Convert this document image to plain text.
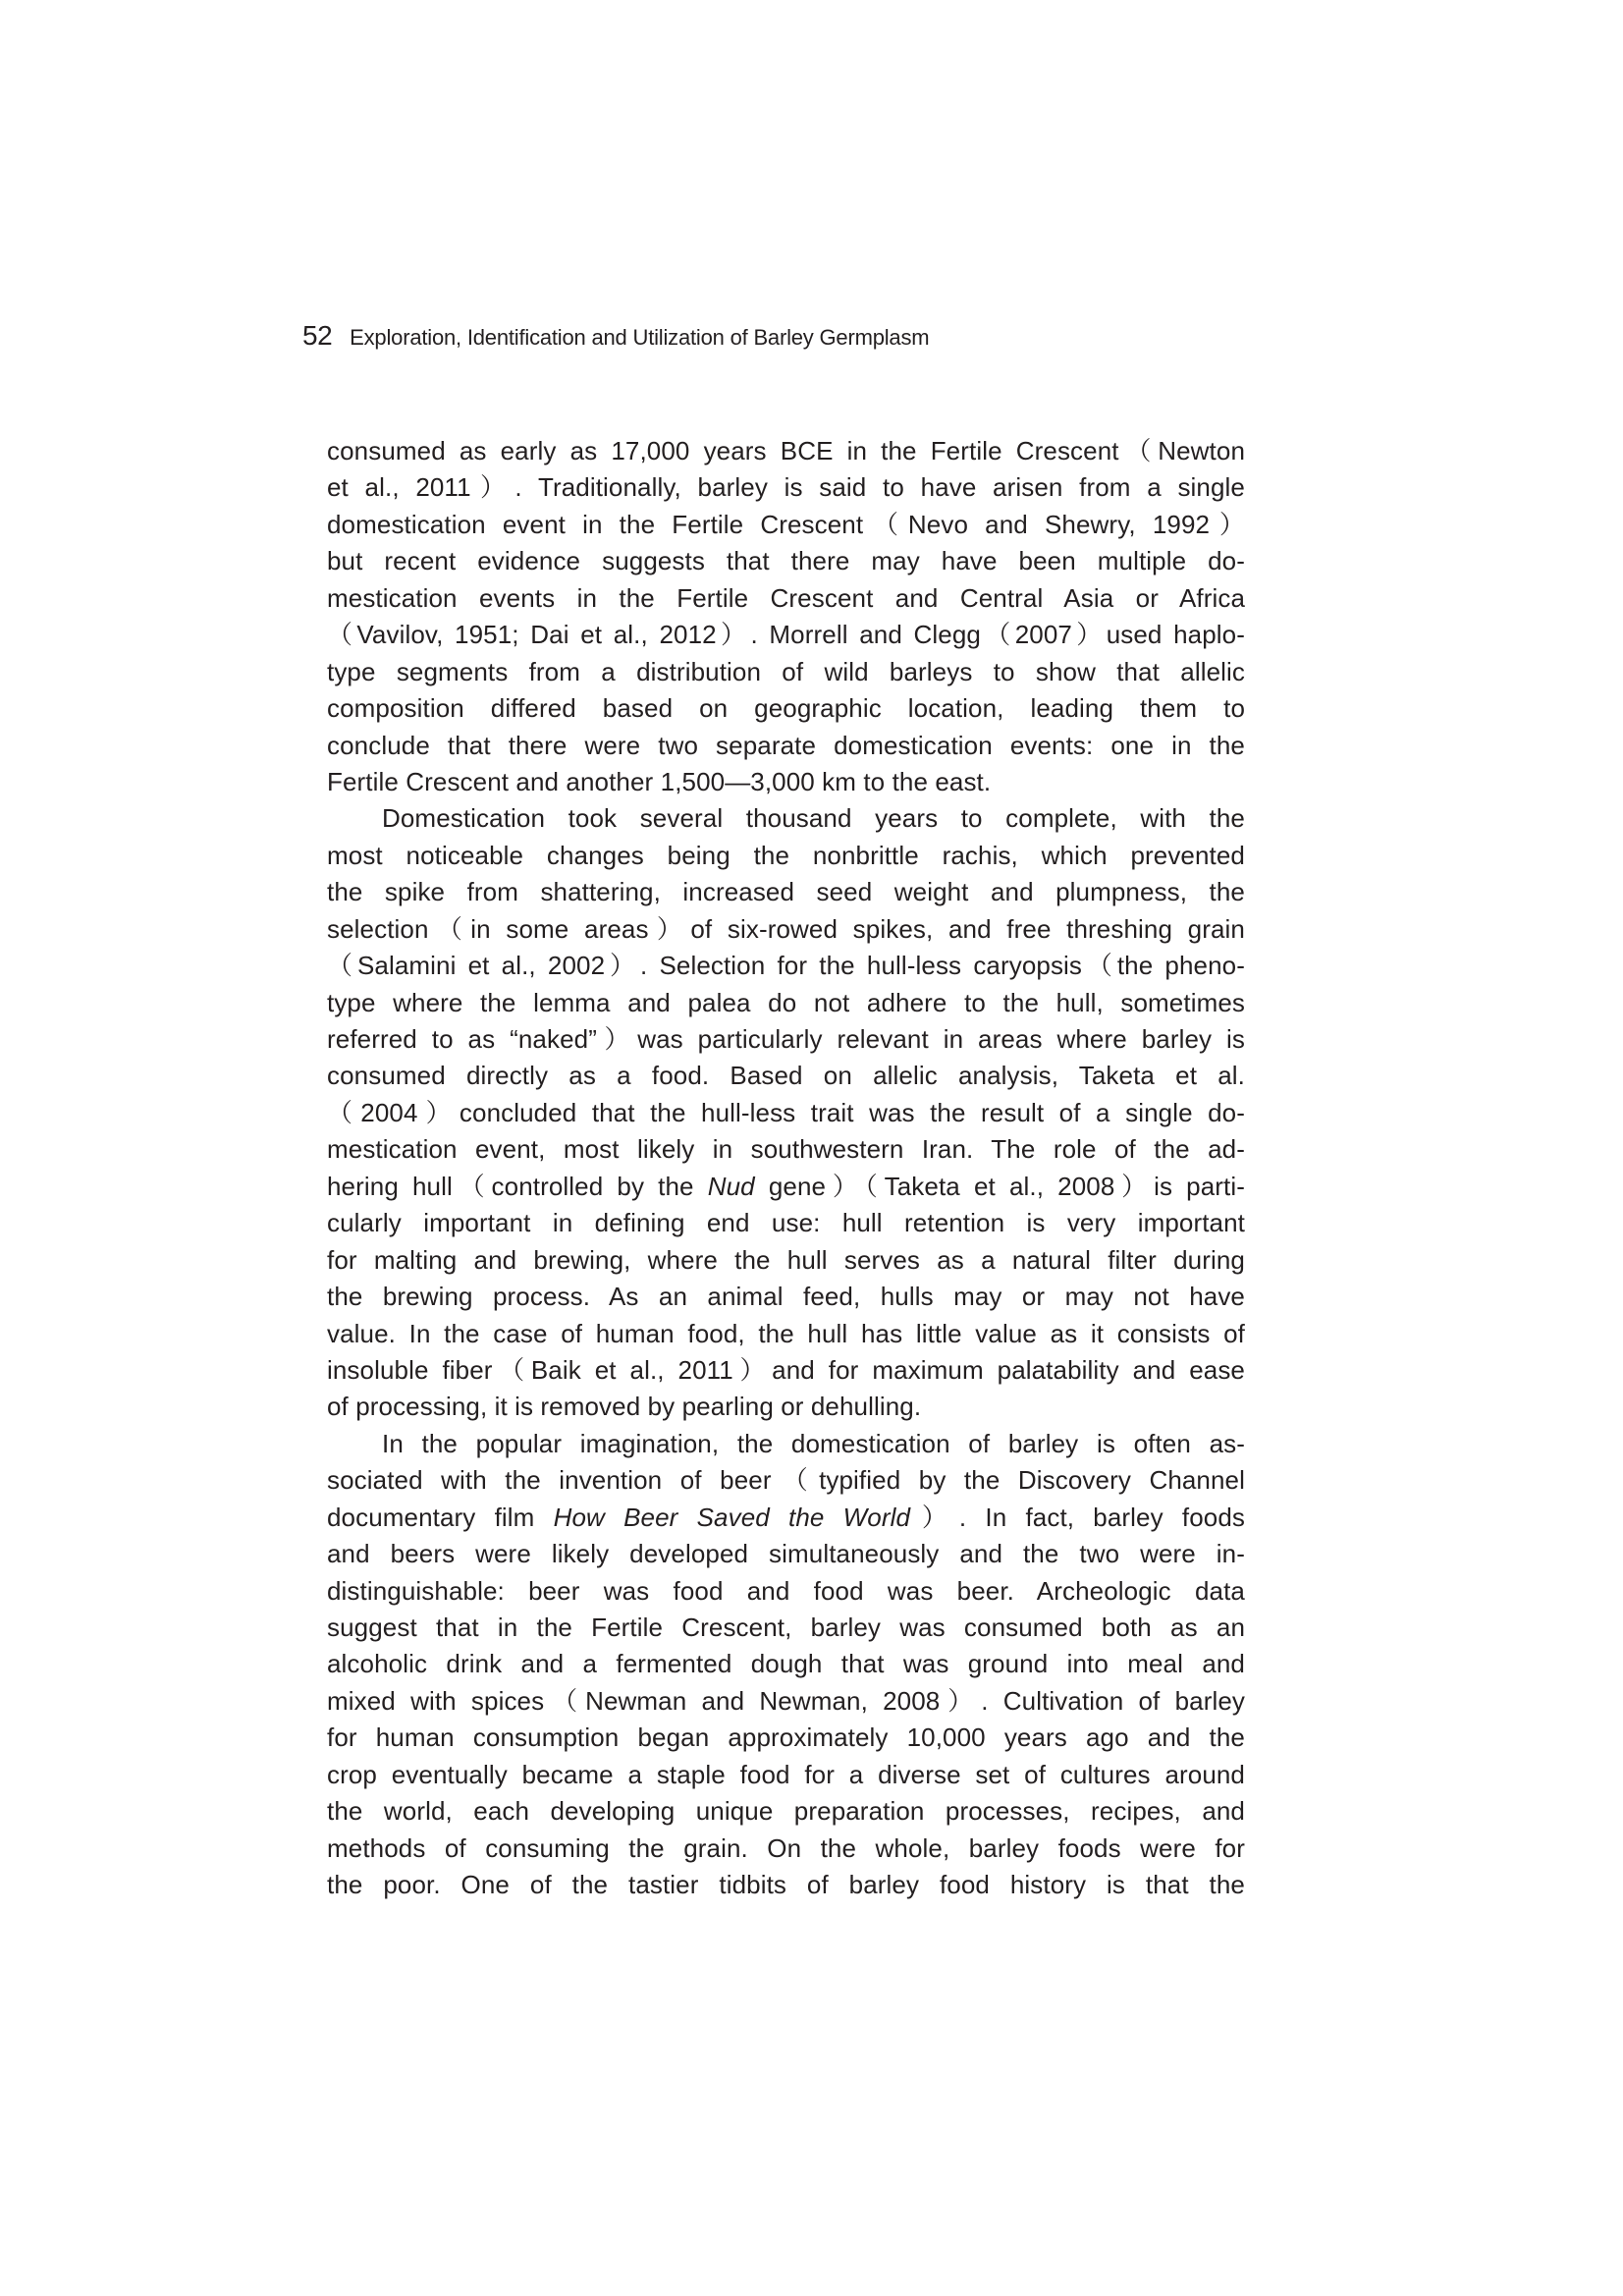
52 Exploration, Identification and Utilization of Barley Germplasm
consumed as early as 17,000 years BCE in the Fertile Crescent（Newton
et al., 2011）. Traditionally, barley is said to have arisen from a single
domestication event in the Fertile Crescent（Nevo and Shewry, 1992）
but recent evidence suggests that there may have been multiple do-
mestication events in the Fertile Crescent and Central Asia or Africa
（Vavilov, 1951; Dai et al., 2012）. Morrell and Clegg（2007）used haplo-
type segments from a distribution of wild barleys to show that allelic
composition differed based on geographic location, leading them to
conclude that there were two separate domestication events: one in the
Fertile Crescent and another 1,500—3,000 km to the east.
Domestication took several thousand years to complete, with the
most noticeable changes being the nonbrittle rachis, which prevented
the spike from shattering, increased seed weight and plumpness, the
selection（in some areas）of six-rowed spikes, and free threshing grain
（Salamini et al., 2002）. Selection for the hull-less caryopsis（the pheno-
type where the lemma and palea do not adhere to the hull, sometimes
referred to as “naked”）was particularly relevant in areas where barley is
consumed directly as a food. Based on allelic analysis, Taketa et al.
（2004）concluded that the hull-less trait was the result of a single do-
mestication event, most likely in southwestern Iran. The role of the ad-
hering hull（controlled by the Nud gene）（Taketa et al., 2008）is parti-
cularly important in defining end use: hull retention is very important
for malting and brewing, where the hull serves as a natural filter during
the brewing process. As an animal feed, hulls may or may not have
value. In the case of human food, the hull has little value as it consists of
insoluble fiber（Baik et al., 2011）and for maximum palatability and ease
of processing, it is removed by pearling or dehulling.
In the popular imagination, the domestication of barley is often as-
sociated with the invention of beer（typified by the Discovery Channel
documentary film How Beer Saved the World）. In fact, barley foods
and beers were likely developed simultaneously and the two were in-
distinguishable: beer was food and food was beer. Archeologic data
suggest that in the Fertile Crescent, barley was consumed both as an
alcoholic drink and a fermented dough that was ground into meal and
mixed with spices（Newman and Newman, 2008）. Cultivation of barley
for human consumption began approximately 10,000 years ago and the
crop eventually became a staple food for a diverse set of cultures around
the world, each developing unique preparation processes, recipes, and
methods of consuming the grain. On the whole, barley foods were for
the poor. One of the tastier tidbits of barley food history is that the
